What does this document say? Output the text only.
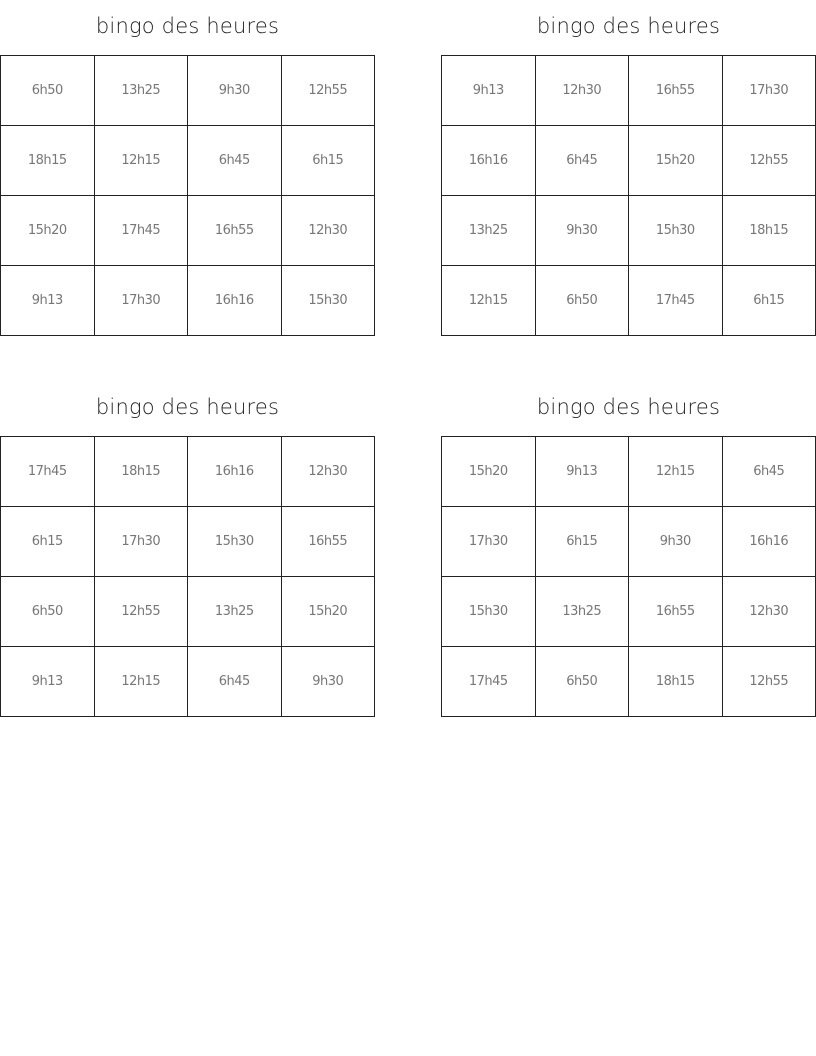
bingo des heures
6h50	13h25	9h30	12h55
18h15	12h15	6h45	6h15
15h20	17h45	16h55	12h30
9h13	17h30	16h16	15h30
bingo des heures
9h13	12h30	16h55	17h30
16h16	6h45	15h20	12h55
13h25	9h30	15h30	18h15
12h15	6h50	17h45	6h15
bingo des heures
17h45	18h15	16h16	12h30
6h15	17h30	15h30	16h55
6h50	12h55	13h25	15h20
9h13	12h15	6h45	9h30
bingo des heures
15h20	9h13	12h15	6h45
17h30	6h15	9h30	16h16
15h30	13h25	16h55	12h30
17h45	6h50	18h15	12h55
